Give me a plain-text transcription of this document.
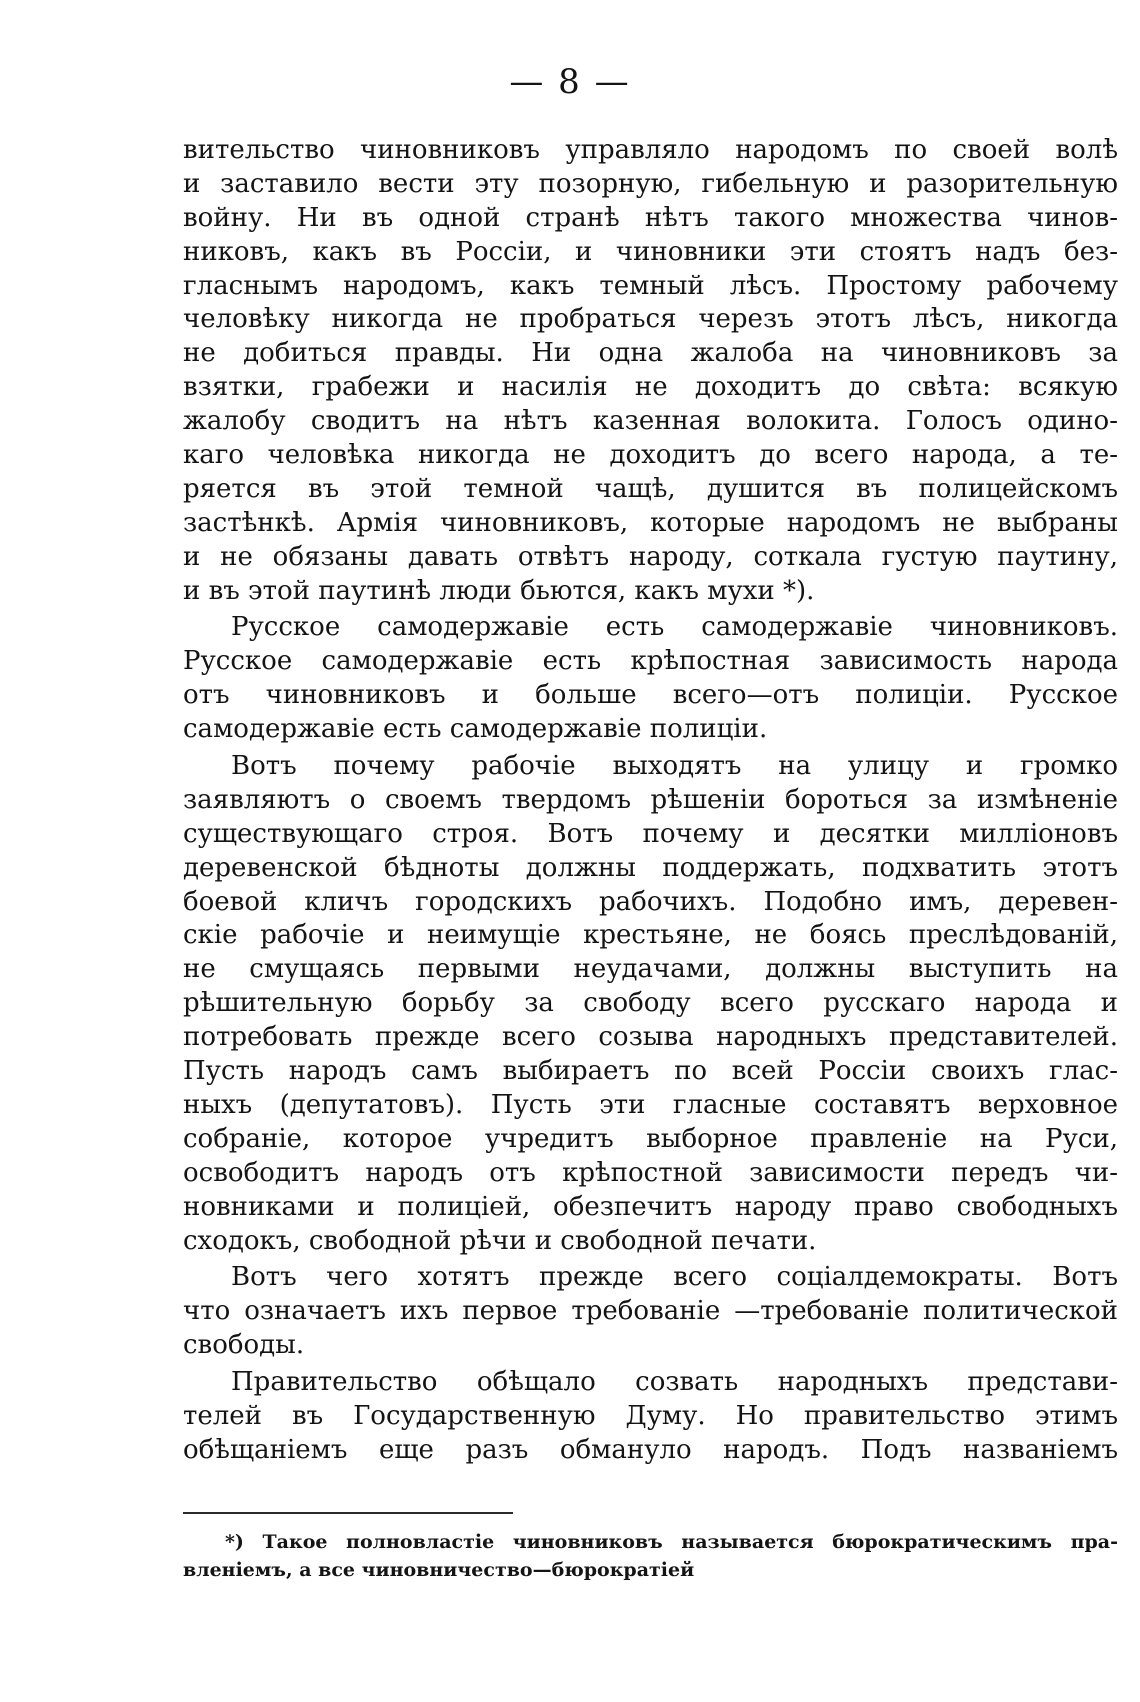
— 8 —
вительство чиновниковъ управляло народомъ по своей волѣ
и заставило вести эту позорную, гибельную и разорительную
войну. Ни въ одной странѣ нѣтъ такого множества чинов-
никовъ, какъ въ Россіи, и чиновники эти стоятъ надъ без-
гласнымъ народомъ, какъ темный лѣсъ. Простому рабочему
человѣку никогда не пробраться черезъ этотъ лѣсъ, никогда
не добиться правды. Ни одна жалоба на чиновниковъ за
взятки, грабежи и насилія не доходитъ до свѣта: всякую
жалобу сводитъ на нѣтъ казенная волокита. Голосъ одино-
каго человѣка никогда не доходитъ до всего народа, а те-
ряется въ этой темной чащѣ, душится въ полицейскомъ
застѣнкѣ. Армія чиновниковъ, которые народомъ не выбраны
и не обязаны давать отвѣтъ народу, соткала густую паутину,
и въ этой паутинѣ люди бьются, какъ мухи *).
Русское самодержавіе есть самодержавіе чиновниковъ.
Русское самодержавіе есть крѣпостная зависимость народа
отъ чиновниковъ и больше всего—отъ полиціи. Русское
самодержавіе есть самодержавіе полиціи.
Вотъ почему рабочіе выходятъ на улицу и громко
заявляютъ о своемъ твердомъ рѣшеніи бороться за измѣненіе
существующаго строя. Вотъ почему и десятки милліоновъ
деревенской бѣдноты должны поддержать, подхватить этотъ
боевой кличъ городскихъ рабочихъ. Подобно имъ, деревен-
скіе рабочіе и неимущіе крестьяне, не боясь преслѣдованій,
не смущаясь первыми неудачами, должны выступить на
рѣшительную борьбу за свободу всего русскаго народа и
потребовать прежде всего созыва народныхъ представителей.
Пусть народъ самъ выбираетъ по всей Россіи своихъ глас-
ныхъ (депутатовъ). Пусть эти гласные составятъ верховное
собраніе, которое учредитъ выборное правленіе на Руси,
освободитъ народъ отъ крѣпостной зависимости передъ чи-
новниками и полиціей, обезпечитъ народу право свободныхъ
сходокъ, свободной рѣчи и свободной печати.
Вотъ чего хотятъ прежде всего соціалдемократы. Вотъ
что означаетъ ихъ первое требованіе —требованіе политической
свободы.
Правительство обѣщало созвать народныхъ представи-
телей въ Государственную Думу. Но правительство этимъ
обѣщаніемъ еще разъ обмануло народъ. Подъ названіемъ
*) Такое полновластіе чиновниковъ называется бюрократическимъ пра-
вленіемъ, а все чиновничество—бюрократіей
